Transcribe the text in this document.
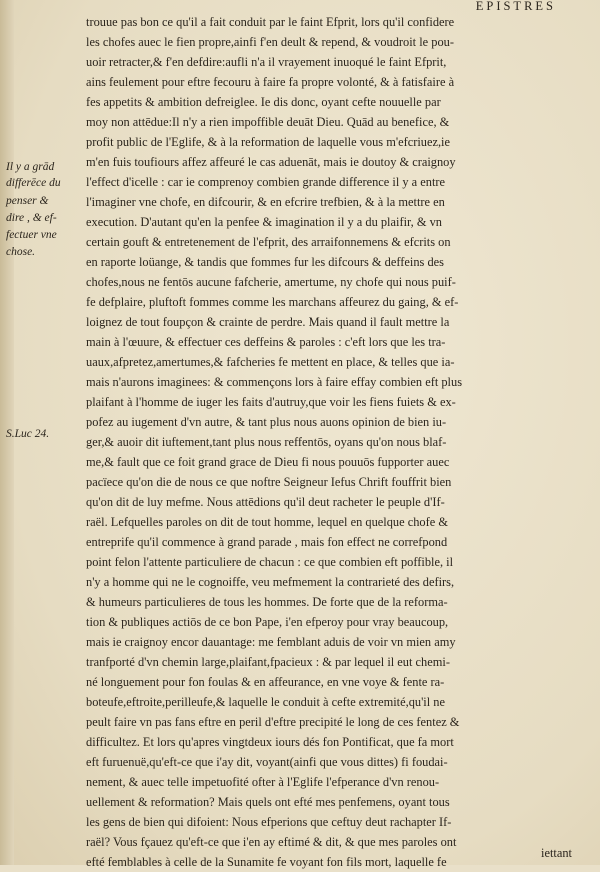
EPISTRES
Il y a grād
differēce du
penser &
dire , & ef-
fectuer vne
chose.
S.Luc 24.
trouue pas bon ce qu'il a fait conduit par le faint Efprit, lors qu'il confidere
les chofes auec le fien propre,ainfi f'en deult & repend, & voudroit le pou-
uoir retracter,& f'en defdire:aufli n'a il vrayement inuoqué le faint Efprit,
ains feulement pour eftre fecouru à faire fa propre volonté, & à fatisfaire à
fes appetits & ambition defreiglee. Ie dis donc, oyant cefte nouuelle par
moy non attēdue:Il n'y a rien impoffible deuāt Dieu. Quād au benefice, &
profit public de l'Eglife, & à la reformation de laquelle vous m'efcriuez,ie
m'en fuis toufiours affez affeuré le cas aduenāt, mais ie doutoy & craignoy
l'effect d'icelle : car ie comprenoy combien grande difference il y a entre
l'imaginer vne chofe, en difcourir, & en efcrire trefbien, & à la mettre en
execution. D'autant qu'en la penfee & imagination il y a du plaifir, & vn
certain gouft & entretenement de l'efprit, des arraifonnemens & efcrits on
en raporte loüange, & tandis que fommes fur les difcours & deffeins des
chofes,nous ne fentōs aucune fafcherie, amertume, ny chofe qui nous puif-
fe defplaire, pluftoft fommes comme les marchans affeurez du gaing, & ef-
loignez de tout foupçon & crainte de perdre. Mais quand il fault mettre la
main à l'œuure, & effectuer ces deffeins & paroles : c'eft lors que les tra-
uaux,afpretez,amertumes,& fafcheries fe mettent en place, & telles que ia-
mais n'aurons imaginees: & commençons lors à faire effay combien eft plus
plaifant à l'homme de iuger les faits d'autruy,que voir les fiens fuiets & ex-
pofez au iugement d'vn autre, & tant plus nous auons opinion de bien iu-
ger,& auoir dit iuftement,tant plus nous reffentōs, oyans qu'on nous blaf-
me,& fault que ce foit grand grace de Dieu fi nous pouuōs fupporter auec
pacïece qu'on die de nous ce que noftre Seigneur Iefus Chrift fouffrit bien
qu'on dit de luy mefme. Nous attēdions qu'il deut racheter le peuple d'If-
raël. Lefquelles paroles on dit de tout homme, lequel en quelque chofe &
entreprife qu'il commence à grand parade , mais fon effect ne correfpond
point felon l'attente particuliere de chacun : ce que combien eft poffible, il
n'y a homme qui ne le cognoiffe, veu mefmement la contrarieté des defirs,
& humeurs particulieres de tous les hommes. De forte que de la reforma-
tion & publiques actiōs de ce bon Pape, i'en efperoy pour vray beaucoup,
mais ie craignoy encor dauantage: me femblant aduis de voir vn mien amy
tranfporté d'vn chemin large,plaifant,fpacieux : & par lequel il eut chemi-
né longuement pour fon foulas & en affeurance, en vne voye & fente ra-
boteufe,eftroite,perilleufe,& laquelle le conduit à cefte extremité,qu'il ne
peult faire vn pas fans eftre en peril d'eftre precipité le long de ces fentez &
difficultez. Et lors qu'apres vingtdeux iours dés fon Pontificat, que fa mort
eft furuenuë,qu'eft-ce que i'ay dit, voyant(ainfi que vous dittes) fi foudai-
nement, & auec telle impetuofité ofter à l'Eglife l'efperance d'vn renou-
uellement & reformation? Mais quels ont efté mes penfemens, oyant tous
les gens de bien qui difoient: Nous efperions que ceftuy deut rachapter If-
raël? Vous fçauez qu'eft-ce que i'en ay eftimé & dit, & que mes paroles ont
efté femblables à celle de la Sunamite fe voyant fon fils mort, laquelle fe
iettant
